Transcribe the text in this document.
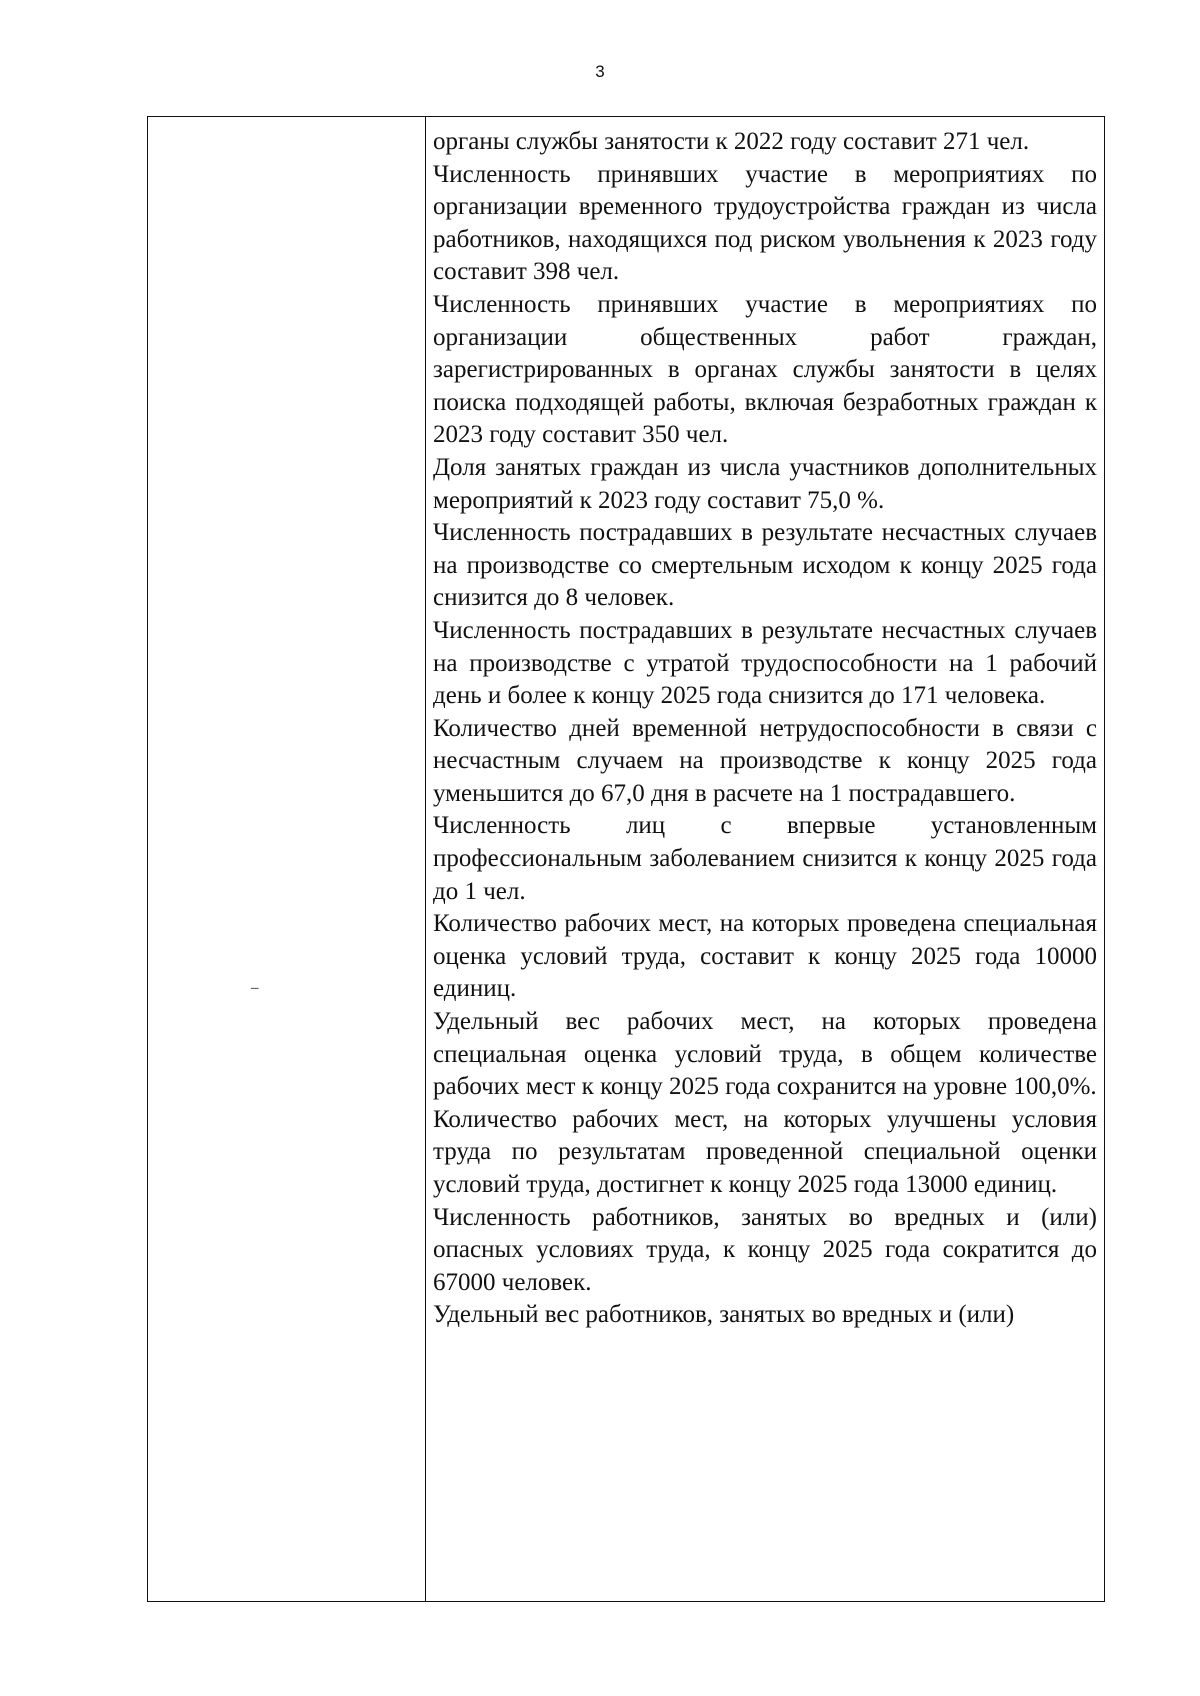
3
–

органы службы занятости к 2022 году составит 271 чел.

Численность принявших участие в мероприятиях по организации временного трудоустройства граждан из числа работников, находящихся под риском увольнения к 2023 году составит 398 чел.

Численность принявших участие в мероприятиях по организации общественных работ граждан, зарегистрированных в органах службы занятости в целях поиска подходящей работы, включая безработных граждан к 2023 году составит 350 чел.

Доля занятых граждан из числа участников дополнительных мероприятий к 2023 году составит 75,0 %.

Численность пострадавших в результате несчастных случаев на производстве со смертельным исходом к концу 2025 года снизится до 8 человек.

Численность пострадавших в результате несчастных случаев на производстве с утратой трудоспособности на 1 рабочий день и более к концу 2025 года снизится до 171 человека.

Количество дней временной нетрудоспособности в связи с несчастным случаем на производстве к концу 2025 года уменьшится до 67,0 дня в расчете на 1 пострадавшего.

Численность лиц с впервые установленным профессиональным заболеванием снизится к концу 2025 года до 1 чел.

Количество рабочих мест, на которых проведена специальная оценка условий труда, составит к концу 2025 года 10000 единиц.

Удельный вес рабочих мест, на которых проведена специальная оценка условий труда, в общем количестве рабочих мест к концу 2025 года сохранится на уровне 100,0%.

Количество рабочих мест, на которых улучшены условия труда по результатам проведенной специальной оценки условий труда, достигнет к концу 2025 года 13000 единиц.

Численность работников, занятых во вредных и (или) опасных условиях труда, к концу 2025 года сократится до 67000 человек.

Удельный вес работников, занятых во вредных и (или)
